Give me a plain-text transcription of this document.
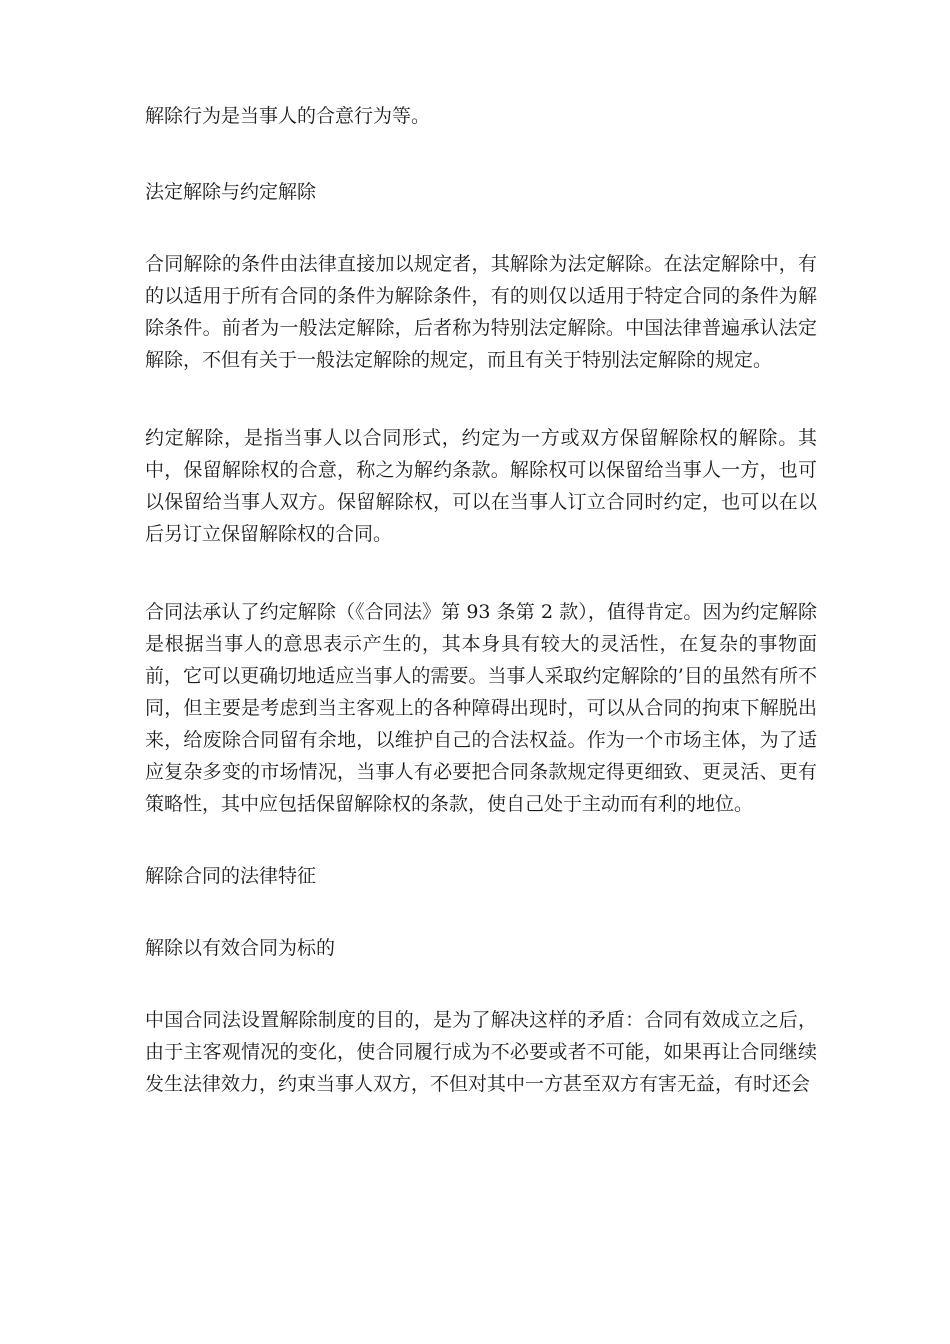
解除行为是当事人的合意行为等。

法定解除与约定解除

合同解除的条件由法律直接加以规定者，其解除为法定解除。在法定解除中，有的以适用于所有合同的条件为解除条件，有的则仅以适用于特定合同的条件为解除条件。前者为一般法定解除，后者称为特别法定解除。中国法律普遍承认法定解除，不但有关于一般法定解除的规定，而且有关于特别法定解除的规定。

约定解除，是指当事人以合同形式，约定为一方或双方保留解除权的解除。其中，保留解除权的合意，称之为解约条款。解除权可以保留给当事人一方，也可以保留给当事人双方。保留解除权，可以在当事人订立合同时约定，也可以在以后另订立保留解除权的合同。

合同法承认了约定解除（《合同法》第 93 条第 2 款），值得肯定。因为约定解除是根据当事人的意思表示产生的，其本身具有较大的灵活性，在复杂的事物面前，它可以更确切地适应当事人的需要。当事人采取约定解除的’目的虽然有所不同，但主要是考虑到当主客观上的各种障碍出现时，可以从合同的拘束下解脱出来，给废除合同留有余地，以维护自己的合法权益。作为一个市场主体，为了适应复杂多变的市场情况，当事人有必要把合同条款规定得更细致、更灵活、更有策略性，其中应包括保留解除权的条款，使自己处于主动而有利的地位。

解除合同的法律特征

解除以有效合同为标的

中国合同法设置解除制度的目的，是为了解决这样的矛盾：合同有效成立之后，由于主客观情况的变化，使合同履行成为不必要或者不可能，如果再让合同继续发生法律效力，约束当事人双方，不但对其中一方甚至双方有害无益，有时还会
